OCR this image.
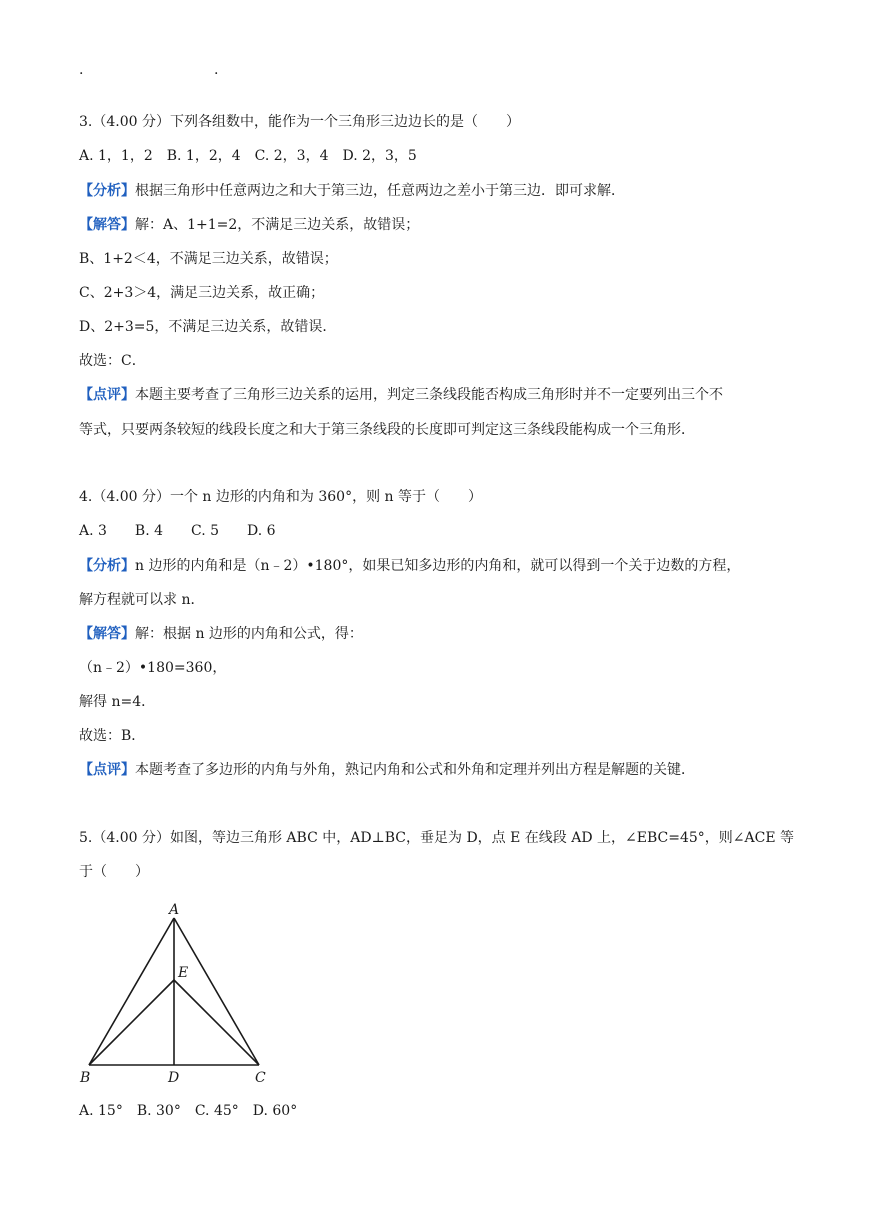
.	.
3.（4.00 分）下列各组数中，能作为一个三角形三边边长的是（　　）
A. 1，1，2　B. 1，2，4　C. 2，3，4　D. 2，3，5
【分析】根据三角形中任意两边之和大于第三边，任意两边之差小于第三边．即可求解．
【解答】解：A、1+1=2，不满足三边关系，故错误；
B、1+2＜4，不满足三边关系，故错误；
C、2+3＞4，满足三边关系，故正确；
D、2+3=5，不满足三边关系，故错误．
故选：C．
【点评】本题主要考查了三角形三边关系的运用，判定三条线段能否构成三角形时并不一定要列出三个不
等式，只要两条较短的线段长度之和大于第三条线段的长度即可判定这三条线段能构成一个三角形．
4.（4.00 分）一个 n 边形的内角和为 360°，则 n 等于（　　）
A. 3　　B. 4　　C. 5　　D. 6
【分析】n 边形的内角和是（n﹣2）•180°，如果已知多边形的内角和，就可以得到一个关于边数的方程，
解方程就可以求 n．
【解答】解：根据 n 边形的内角和公式，得：
（n﹣2）•180=360，
解得 n=4．
故选：B．
【点评】本题考查了多边形的内角与外角，熟记内角和公式和外角和定理并列出方程是解题的关键．
5.（4.00 分）如图，等边三角形 ABC 中，AD⊥BC，垂足为 D，点 E 在线段 AD 上，∠EBC=45°，则∠ACE 等
于（　　）
A
E
B	D	C
A. 15°　B. 30°　C. 45°　D. 60°
